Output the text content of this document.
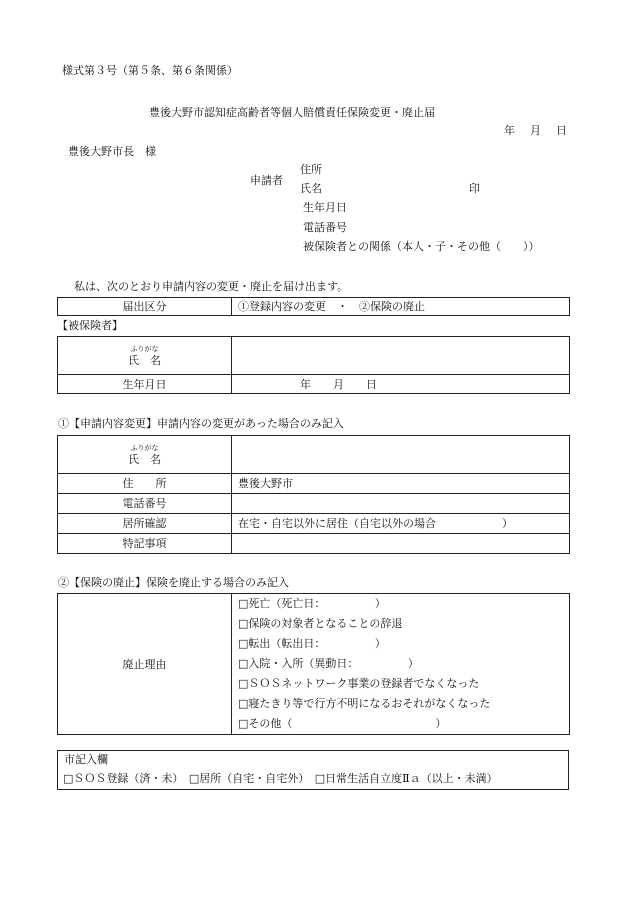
様式第３号（第５条、第６条関係）
豊後大野市認知症高齢者等個人賠償責任保険変更・廃止届
年　月　日
豊後大野市長　様
申請者
住所
氏名	印
生年月日
電話番号
被保険者との関係（本人・子・その他（　　））
私は、次のとおり申請内容の変更・廃止を届け出ます。
届出区分	①登録内容の変更　・　②保険の廃止
【被保険者】
ふりがな
氏　名	
生年月日	年　　月　　日
①【申請内容変更】申請内容の変更があった場合のみ記入
ふりがな
氏　名	
住　　所	豊後大野市
電話番号	
居所確認	在宅・自宅以外に居住（自宅以外の場合　　　　　　）
特記事項	
②【保険の廃止】保険を廃止する場合のみ記入
廃止理由	
□死亡（死亡日：　　　　　）
□保険の対象者となることの辞退
□転出（転出日：　　　　　）
□入院・入所（異動日：　　　　　）
□ＳＯＳネットワーク事業の登録者でなくなった
□寝たきり等で行方不明になるおそれがなくなった
□その他（　　　　　　　　　　　　　）
市記入欄
□ＳＯＳ登録（済・未）　□居所（自宅・自宅外）　□日常生活自立度Ⅱａ（以上・未満）
